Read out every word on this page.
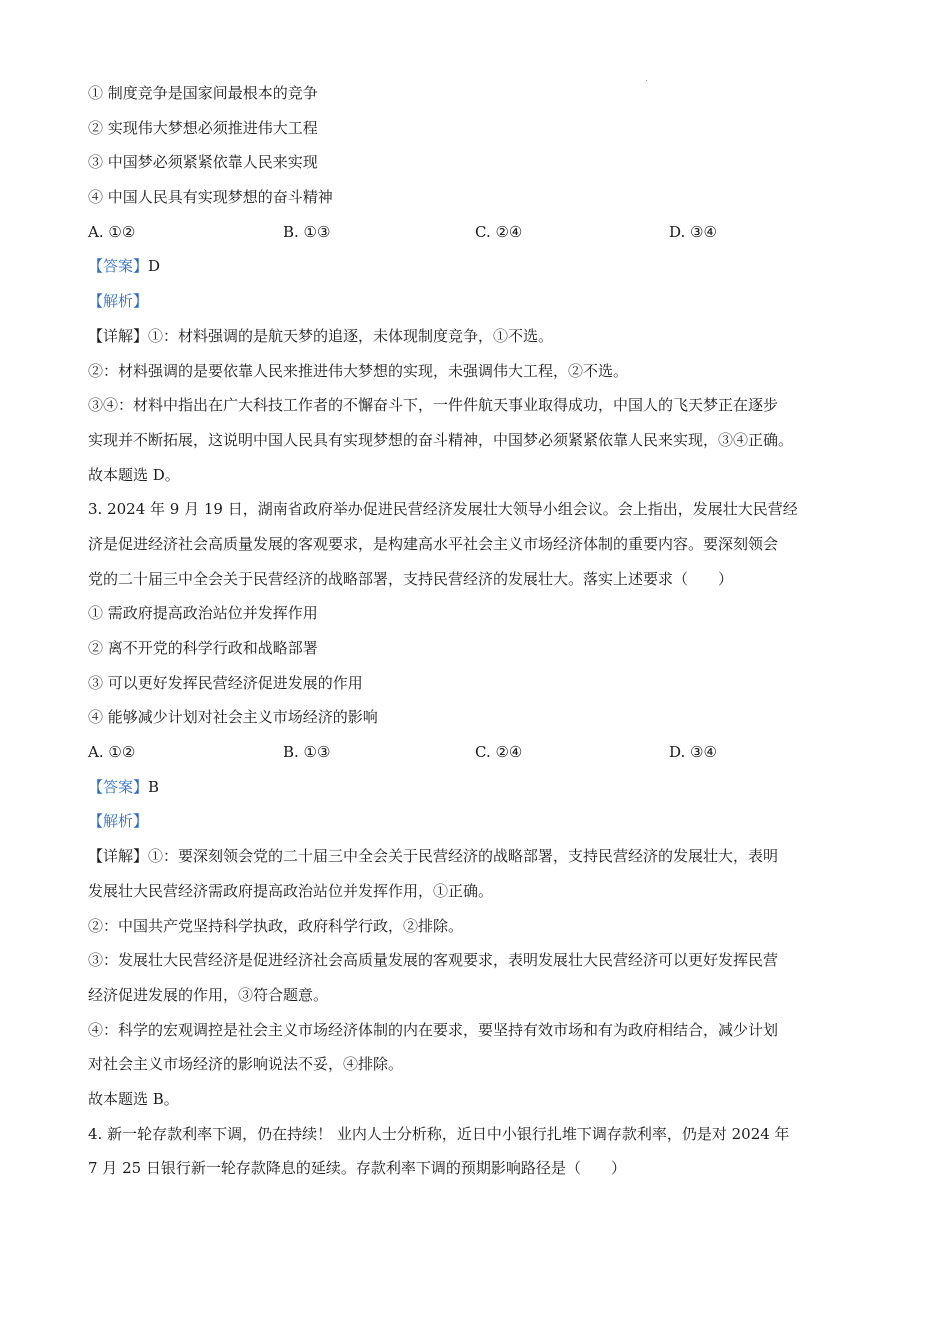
① 制度竞争是国家间最根本的竞争
② 实现伟大梦想必须推进伟大工程
③ 中国梦必须紧紧依靠人民来实现
④ 中国人民具有实现梦想的奋斗精神
A. ①②	B. ①③	C. ②④	D. ③④
【答案】D
【解析】
【详解】①：材料强调的是航天梦的追逐，未体现制度竞争，①不选。
②：材料强调的是要依靠人民来推进伟大梦想的实现，未强调伟大工程，②不选。
③④：材料中指出在广大科技工作者的不懈奋斗下，一件件航天事业取得成功，中国人的飞天梦正在逐步
实现并不断拓展，这说明中国人民具有实现梦想的奋斗精神，中国梦必须紧紧依靠人民来实现，③④正确。
故本题选 D。
3. 2024 年 9 月 19 日，湖南省政府举办促进民营经济发展壮大领导小组会议。会上指出，发展壮大民营经
济是促进经济社会高质量发展的客观要求，是构建高水平社会主义市场经济体制的重要内容。要深刻领会
党的二十届三中全会关于民营经济的战略部署，支持民营经济的发展壮大。落实上述要求（　　）
① 需政府提高政治站位并发挥作用
② 离不开党的科学行政和战略部署
③ 可以更好发挥民营经济促进发展的作用
④ 能够减少计划对社会主义市场经济的影响
A. ①②	B. ①③	C. ②④	D. ③④
【答案】B
【解析】
【详解】①：要深刻领会党的二十届三中全会关于民营经济的战略部署，支持民营经济的发展壮大，表明
发展壮大民营经济需政府提高政治站位并发挥作用，①正确。
②：中国共产党坚持科学执政，政府科学行政，②排除。
③：发展壮大民营经济是促进经济社会高质量发展的客观要求，表明发展壮大民营经济可以更好发挥民营
经济促进发展的作用，③符合题意。
④：科学的宏观调控是社会主义市场经济体制的内在要求，要坚持有效市场和有为政府相结合，减少计划
对社会主义市场经济的影响说法不妥，④排除。
故本题选 B。
4. 新一轮存款利率下调，仍在持续！ 业内人士分析称，近日中小银行扎堆下调存款利率，仍是对 2024 年
7 月 25 日银行新一轮存款降息的延续。存款利率下调的预期影响路径是（　　）
